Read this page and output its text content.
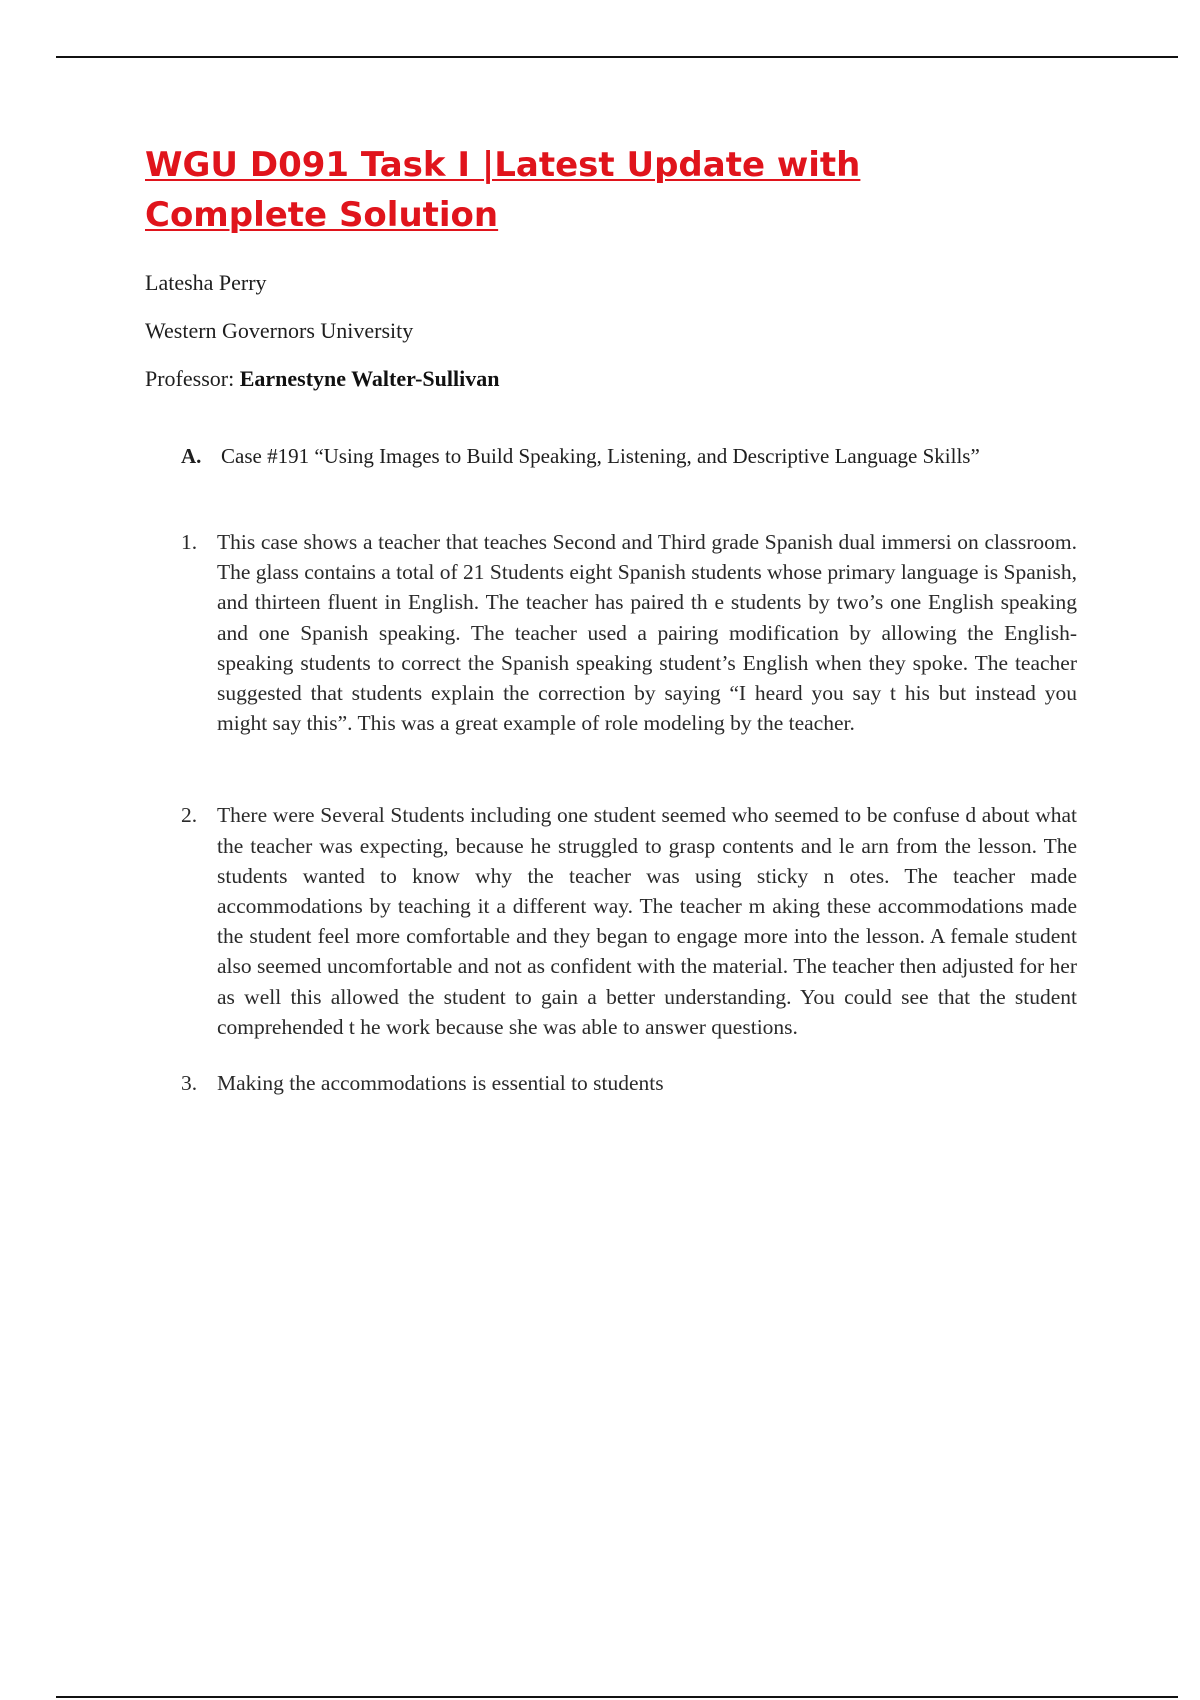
WGU D091 Task I |Latest Update with Complete Solution

Latesha Perry

Western Governors University

Professor: Earnestyne Walter-Sullivan

A. Case #191 “Using Images to Build Speaking, Listening, and Descriptive Language Skills”
1. This case shows a teacher that teaches Second and Third grade Spanish dual immersi on classroom. The glass contains a total of 21 Students eight Spanish students whose primary language is Spanish, and thirteen fluent in English. The teacher has paired th e students by two’s one English speaking and one Spanish speaking. The teacher used a pairing modification by allowing the English- speaking students to correct the Spanish speaking student’s English when they spoke. The teacher suggested that students explain the correction by saying “I heard you say t his but instead you might say this”. This was a great example of role modeling by the teacher.
2. There were Several Students including one student seemed who seemed to be confuse d about what the teacher was expecting, because he struggled to grasp contents and le arn from the lesson. The students wanted to know why the teacher was using sticky n otes. The teacher made accommodations by teaching it a different way. The teacher m aking these accommodations made the student feel more comfortable and they began to engage more into the lesson. A female student also seemed uncomfortable and not as confident with the material. The teacher then adjusted for her as well this allowed the student to gain a better understanding. You could see that the student comprehended t he work because she was able to answer questions.
3. Making the accommodations is essential to students
